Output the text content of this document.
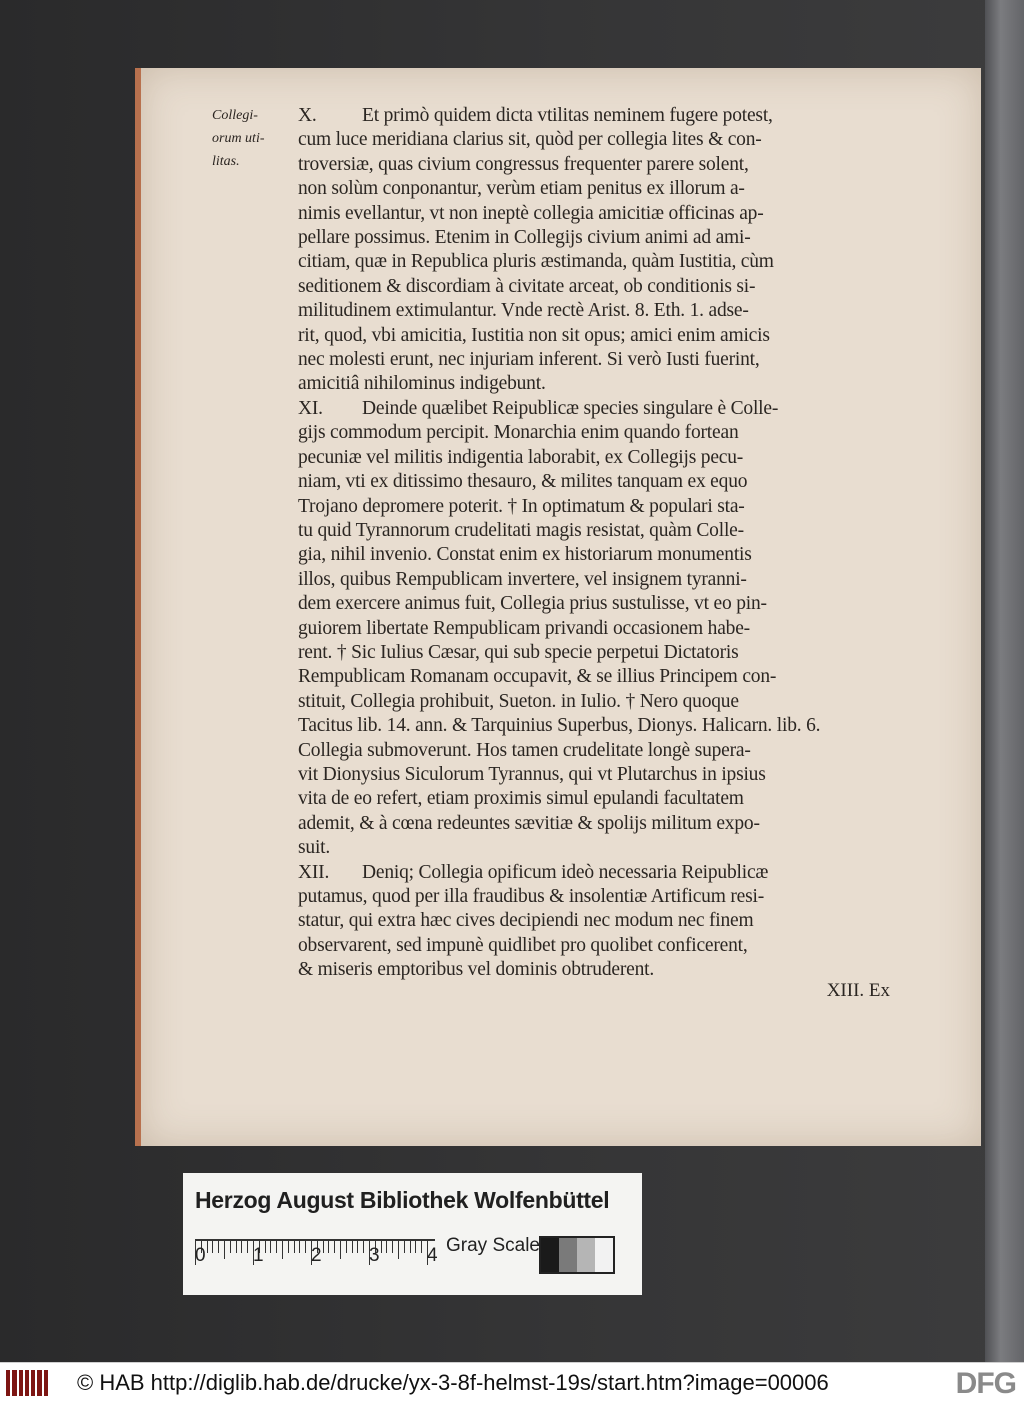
Collegi-
orum uti-
litas.
X. Et primò quidem dicta vtilitas neminem fugere potest,
cum luce meridiana clarius sit, quòd per collegia lites & con-
troversiæ, quas civium congressus frequenter parere solent,
non solùm conponantur, verùm etiam penitus ex illorum a-
nimis evellantur, vt non ineptè collegia amicitiæ officinas ap-
pellare possimus. Etenim in Collegijs civium animi ad ami-
citiam, quæ in Republica pluris æstimanda, quàm Iustitia, cùm
seditionem & discordiam à civitate arceat, ob conditionis si-
militudinem extimulantur. Vnde rectè Arist. 8. Eth. 1. adse-
rit, quod, vbi amicitia, Iustitia non sit opus; amici enim amicis
nec molesti erunt, nec injuriam inferent. Si verò Iusti fuerint,
amicitiâ nihilominus indigebunt.
XI. Deinde quælibet Reipublicæ species singulare è Colle-
gijs commodum percipit. Monarchia enim quando fortean
pecuniæ vel militis indigentia laborabit, ex Collegijs pecu-
niam, vti ex ditissimo thesauro, & milites tanquam ex equo
Trojano depromere poterit. † In optimatum & populari sta-
tu quid Tyrannorum crudelitati magis resistat, quàm Colle-
gia, nihil invenio. Constat enim ex historiarum monumentis
illos, quibus Rempublicam invertere, vel insignem tyranni-
dem exercere animus fuit, Collegia prius sustulisse, vt eo pin-
guiorem libertate Rempublicam privandi occasionem habe-
rent. † Sic Iulius Cæsar, qui sub specie perpetui Dictatoris
Rempublicam Romanam occupavit, & se illius Principem con-
stituit, Collegia prohibuit, Sueton. in Iulio. † Nero quoque
Tacitus lib. 14. ann. & Tarquinius Superbus, Dionys. Halicarn. lib. 6.
Collegia submoverunt. Hos tamen crudelitate longè supera-
vit Dionysius Siculorum Tyrannus, qui vt Plutarchus in ipsius
vita de eo refert, etiam proximis simul epulandi facultatem
ademit, & à cœna redeuntes sævitiæ & spolijs militum expo-
suit.
XII. Deniq; Collegia opificum ideò necessaria Reipublicæ
putamus, quod per illa fraudibus & insolentiæ Artificum resi-
statur, qui extra hæc cives decipiendi nec modum nec finem
observarent, sed impunè quidlibet pro quolibet conficerent,
& miseris emptoribus vel dominis obtruderent.
XIII. Ex
Herzog August Bibliothek Wolfenbüttel
0 1 2 3 4 Gray Scale
© HAB http://diglib.hab.de/drucke/yx-3-8f-helmst-19s/start.htm?image=00006	DFG
